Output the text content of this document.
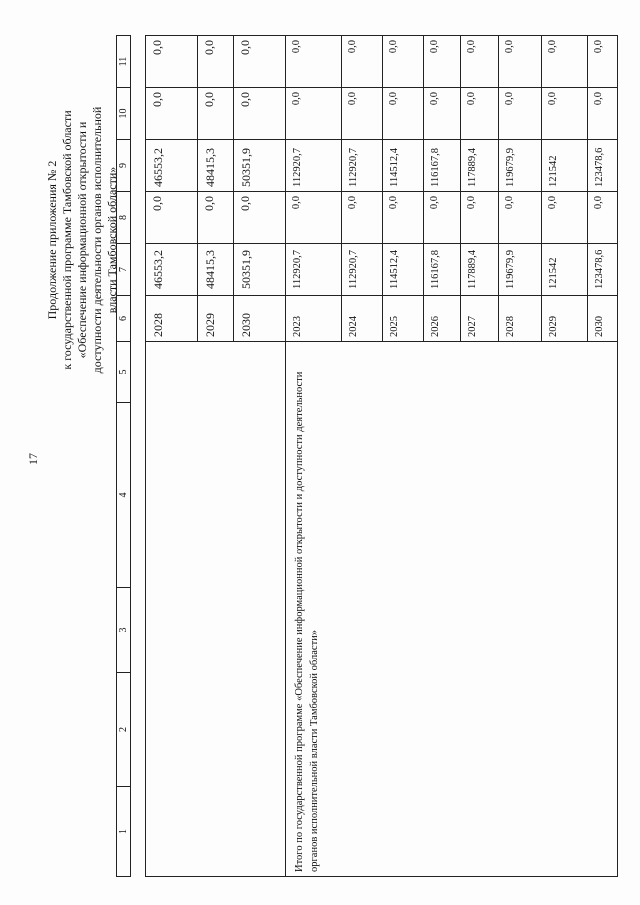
17
Продолжение приложения № 2 к государственной программе Тамбовской области «Обеспечение информационной открытости и доступности деятельности органов исполнительной власти Тамбовской области»
1	2	3	4	5	6	7	8	9	10	11
	2028	46553,2	0,0	46553,2	0,0	0,0
	2029	48415,3	0,0	48415,3	0,0	0,0
	2030	50351,9	0,0	50351,9	0,0	0,0
Итого по государственной программе «Обеспечение информационной открытости и доступности деятельности органов исполнительной власти Тамбовской области»	2023	112920,7	0,0	112920,7	0,0	0,0
	2024	112920,7	0,0	112920,7	0,0	0,0
	2025	114512,4	0,0	114512,4	0,0	0,0
	2026	116167,8	0,0	116167,8	0,0	0,0
	2027	117889,4	0,0	117889,4	0,0	0,0
	2028	119679,9	0,0	119679,9	0,0	0,0
	2029	121542	0,0	121542	0,0	0,0
	2030	123478,6	0,0	123478,6	0,0	0,0
